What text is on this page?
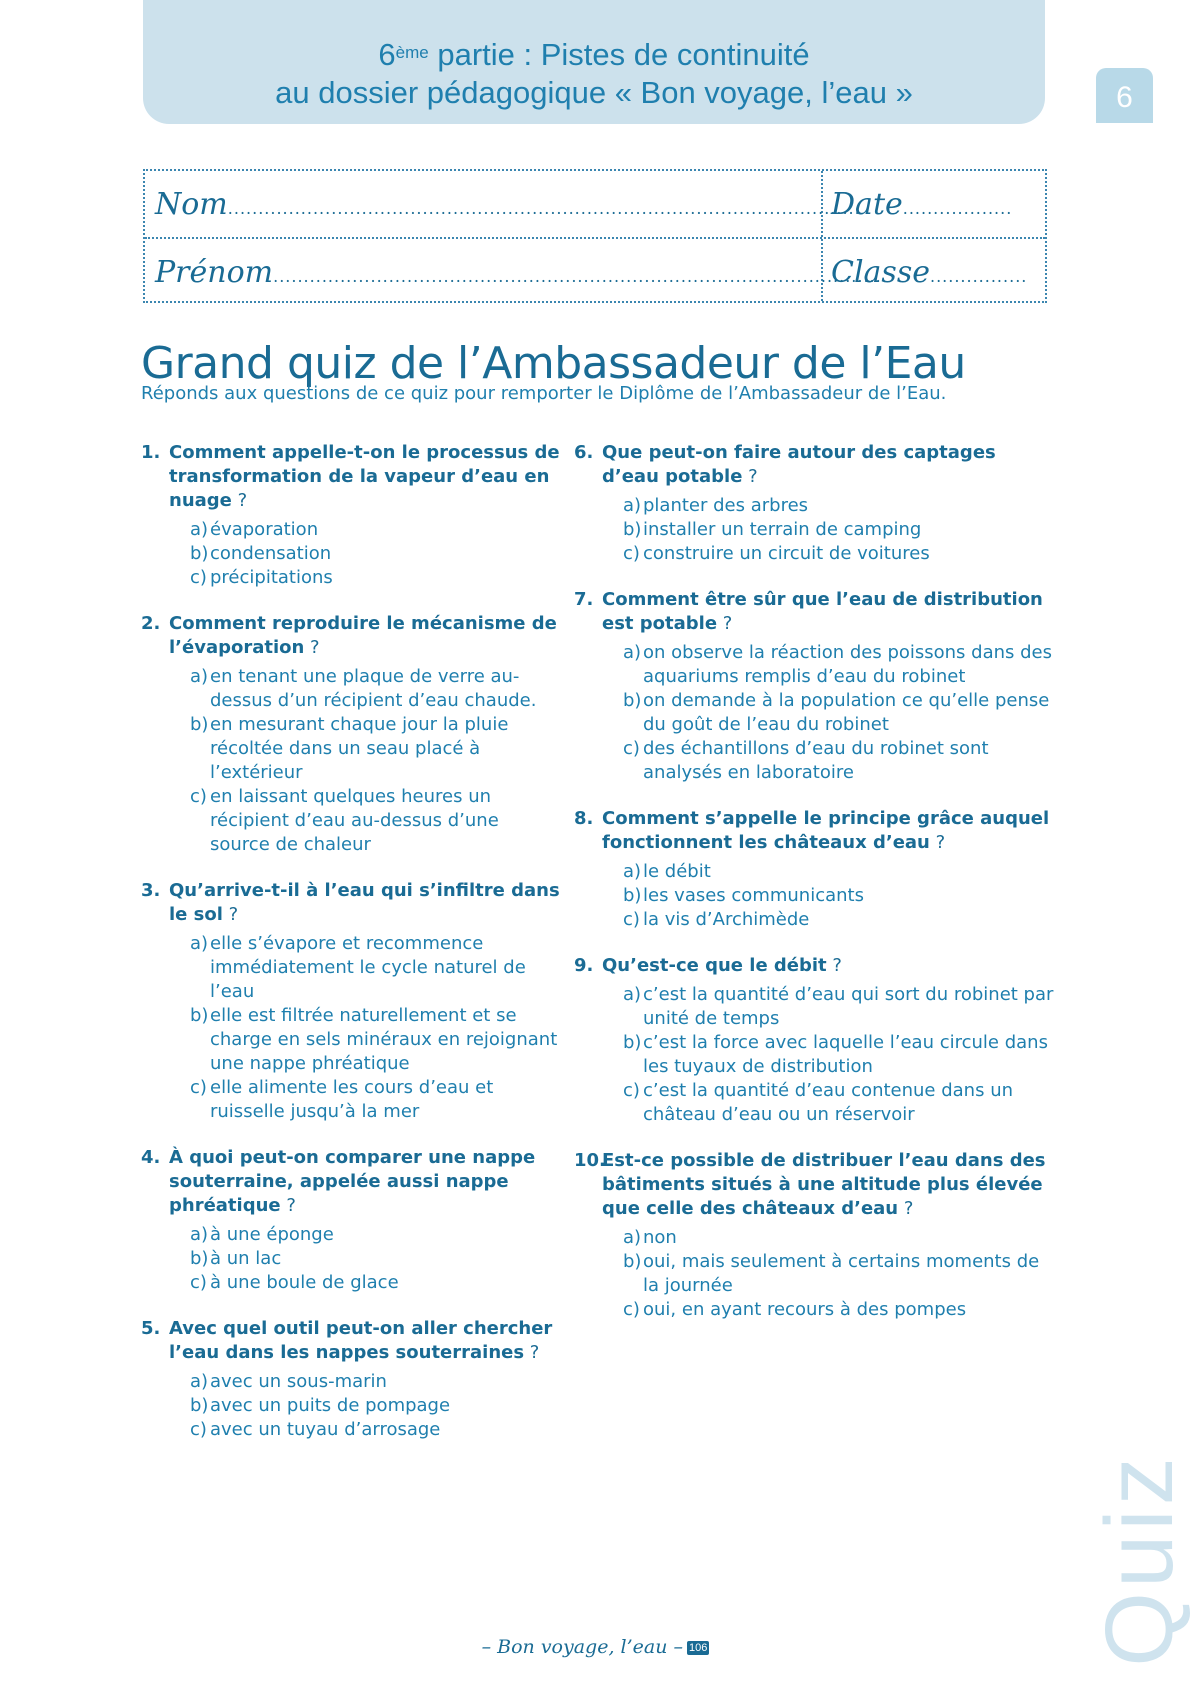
6ème partie : Pistes de continuité
au dossier pédagogique « Bon voyage, l’eau »	6
Nom........................................................................................................
Date..................
Prénom....................................................................................................
Classe................
Grand quiz de l’Ambassadeur de l’Eau
Réponds aux questions de ce quiz pour remporter le Diplôme de l’Ambassadeur de l’Eau.
1. Comment appelle-t-on le processus de transformation de la vapeur d’eau en nuage ?
a) évaporation
b)condensation
c) précipitations
2. Comment reproduire le mécanisme de l’évaporation ?
a) en tenant une plaque de verre au-dessus d’un récipient d’eau chaude.
b)en mesurant chaque jour la pluie récoltée dans un seau placé à l’extérieur
c) en laissant quelques heures un récipient d’eau au-dessus d’une source de chaleur
3. Qu’arrive-t-il à l’eau qui s’infiltre dans le sol ?
a) elle s’évapore et recommence immédiatement le cycle naturel de l’eau
b)elle est filtrée naturellement et se charge en sels minéraux en rejoignant une nappe phréatique
c) elle alimente les cours d’eau et ruisselle jusqu’à la mer
4. À quoi peut-on comparer une nappe souterraine, appelée aussi nappe phréatique ?
a) à une éponge
b)à un lac
c) à une boule de glace
5. Avec quel outil peut-on aller chercher l’eau dans les nappes souterraines ?
a) avec un sous-marin
b)avec un puits de pompage
c) avec un tuyau d’arrosage
6. Que peut-on faire autour des captages d’eau potable ?
a) planter des arbres
b)installer un terrain de camping
c) construire un circuit de voitures
7. Comment être sûr que l’eau de distribution est potable ?
a) on observe la réaction des poissons dans des aquariums remplis d’eau du robinet
b)on demande à la population ce qu’elle pense du goût de l’eau du robinet
c) des échantillons d’eau du robinet sont analysés en laboratoire
8. Comment s’appelle le principe grâce auquel fonctionnent les châteaux d’eau ?
a) le débit
b)les vases communicants
c) la vis d’Archimède
9. Qu’est-ce que le débit ?
a) c’est la quantité d’eau qui sort du robinet par unité de temps
b)c’est la force avec laquelle l’eau circule dans les tuyaux de distribution
c) c’est la quantité d’eau contenue dans un château d’eau ou un réservoir
10.
Est-ce possible de distribuer l’eau dans des bâtiments situés à une altitude plus élevée que celle des châteaux d’eau ?
a) non
b)oui, mais seulement à certains moments de la journée
c) oui, en ayant recours à des pompes
Quiz
– Bon voyage, l’eau – 106
